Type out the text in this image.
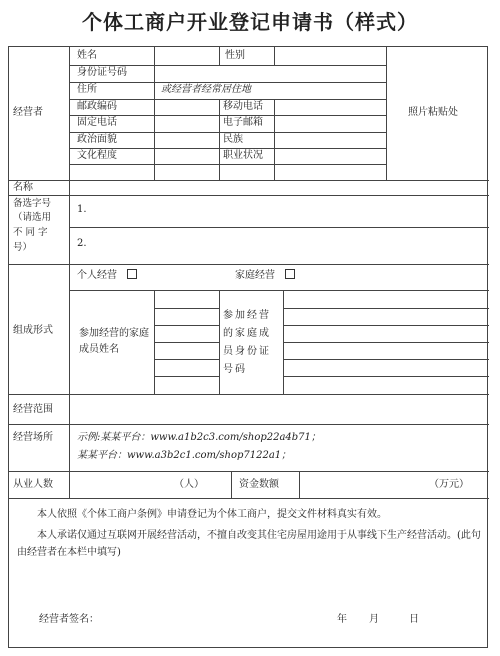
个体工商户开业登记申请书（样式）
经营者
姓名	性别
身份证号码
住所	或经营者经常居住地
邮政编码	移动电话
固定电话	电子邮箱
政治面貌	民族
文化程度	职业状况
照片粘贴处
名称
备选字号
（请选用
不 同 字
号）
1.
2.
组成形式
个人经营	家庭经营
参加经营的家庭成员姓名
参加经营的家庭成员身份证号码
经营范围
经营场所 示例:某某平台：www.a1b2c3.com/shop22a4b71；
某某平台：www.a3b2c1.com/shop7122a1；
从业人数	（人）	资金数额	（万元）
本人依照《个体工商户条例》申请登记为个体工商户，提交文件材料真实有效。
本人承诺仅通过互联网开展经营活动，不擅自改变其住宅房屋用途用于从事线下生产经营活动。(此句由经营者在本栏中填写)
经营者签名：	年 月	日
